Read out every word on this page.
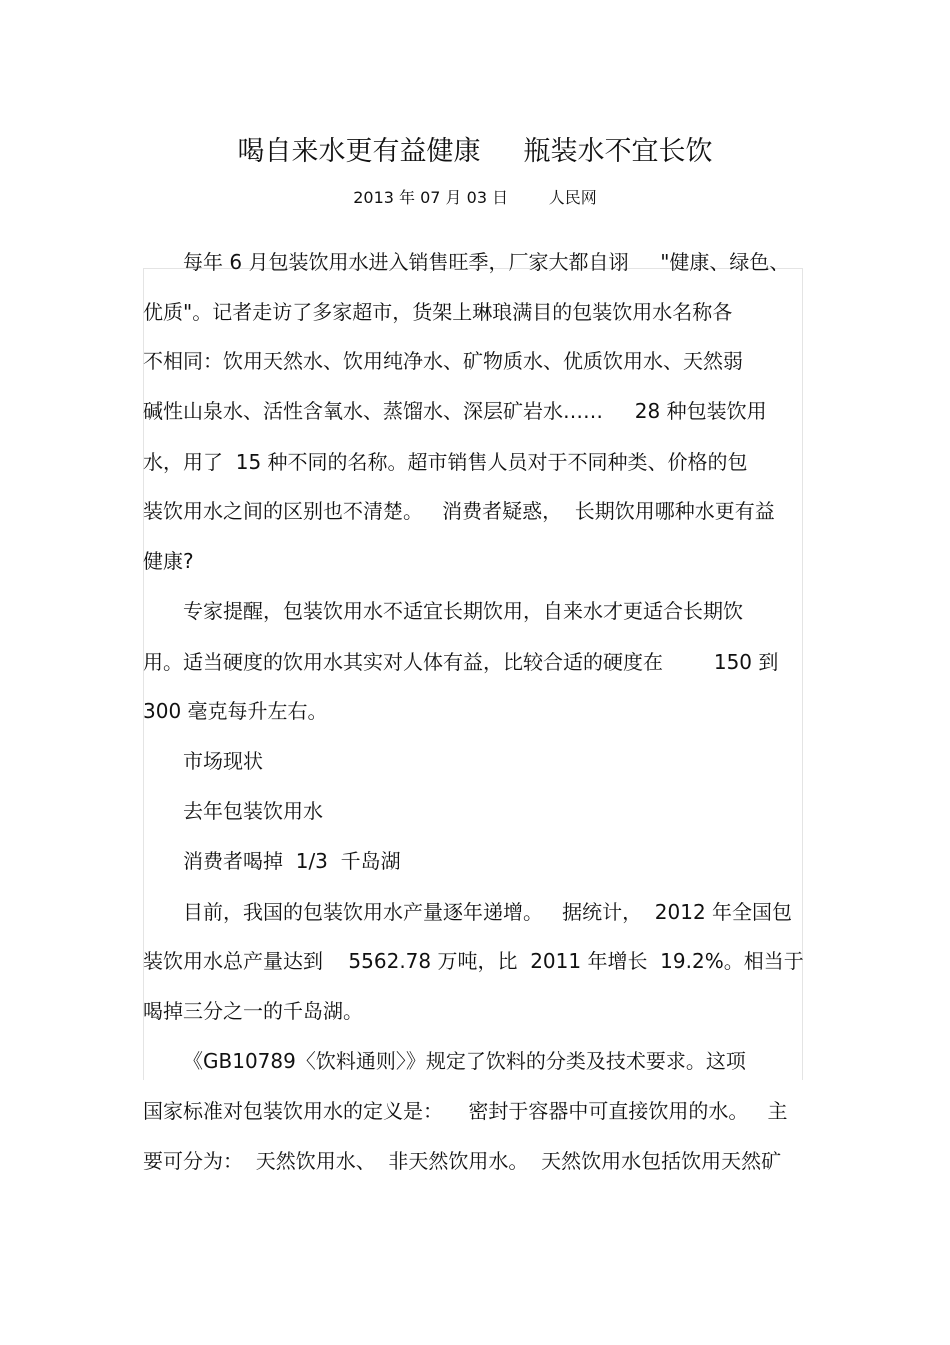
喝自来水更有益健康     瓶装水不宜长饮
2013 年 07 月 03 日        人民网
每年 6 月包装饮用水进入销售旺季，厂家大都自诩     "健康、绿色、
优质"。记者走访了多家超市，货架上琳琅满目的包装饮用水名称各
不相同：饮用天然水、饮用纯净水、矿物质水、优质饮用水、天然弱
碱性山泉水、活性含氧水、蒸馏水、深层矿岩水……     28 种包装饮用
水，用了  15 种不同的名称。超市销售人员对于不同种类、价格的包
装饮用水之间的区别也不清楚。   消费者疑惑，  长期饮用哪种水更有益
健康?
专家提醒，包装饮用水不适宜长期饮用，自来水才更适合长期饮
用。适当硬度的饮用水其实对人体有益，比较合适的硬度在        150 到
300 毫克每升左右。
市场现状
去年包装饮用水
消费者喝掉  1/3  千岛湖
目前，我国的包装饮用水产量逐年递增。   据统计，  2012 年全国包
装饮用水总产量达到    5562.78 万吨，比  2011 年增长  19.2%。相当于
喝掉三分之一的千岛湖。
《GB10789〈饮料通则〉》规定了饮料的分类及技术要求。这项
国家标准对包装饮用水的定义是：    密封于容器中可直接饮用的水。   主
要可分为：  天然饮用水、  非天然饮用水。  天然饮用水包括饮用天然矿
